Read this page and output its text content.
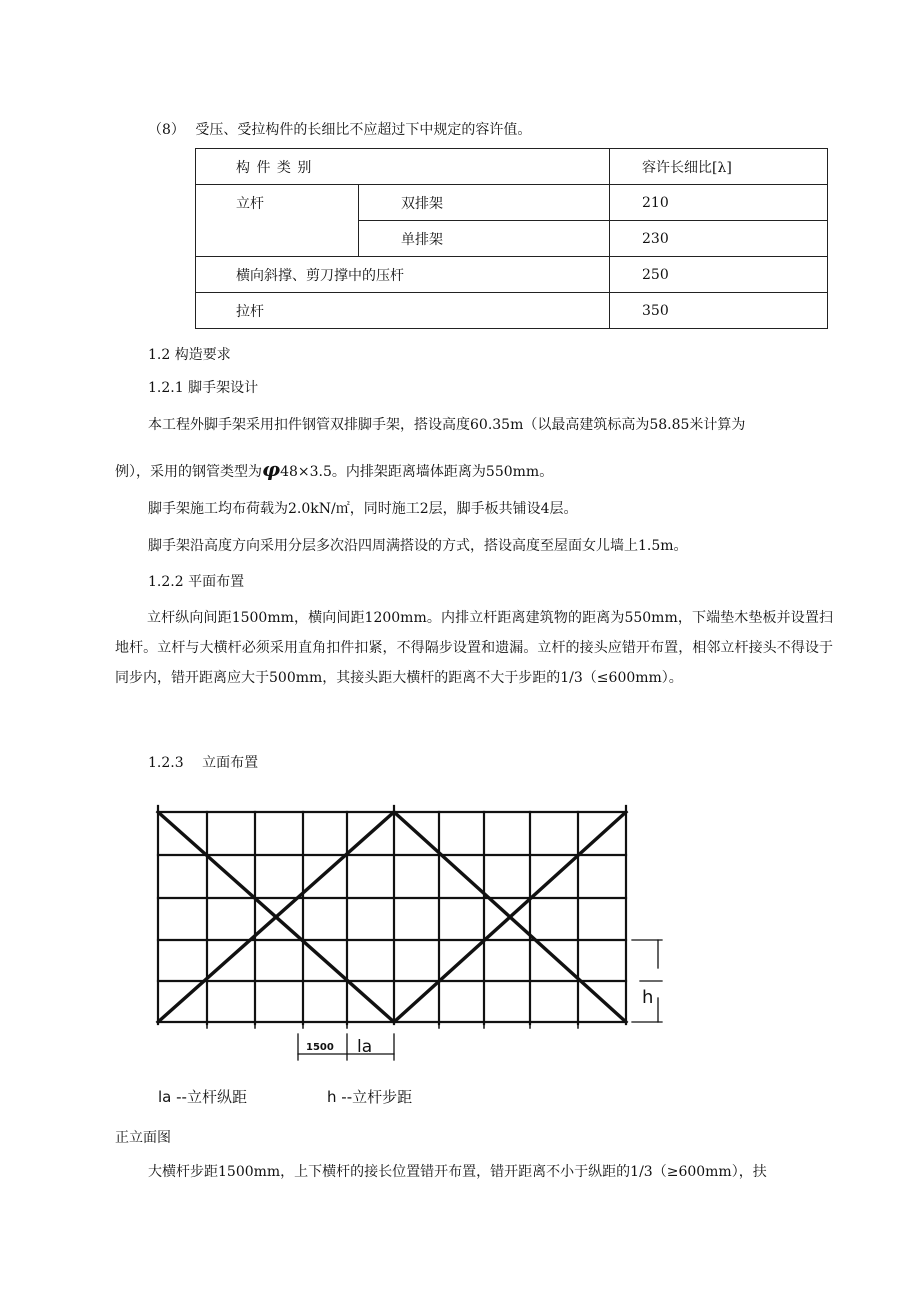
（8） 受压、受拉构件的长细比不应超过下中规定的容许值。
构 件 类 别		容许长细比[λ]
立杆	双排架	210
	单排架	230
横向斜撑、剪刀撑中的压杆		250
拉杆		350
1.2 构造要求
1.2.1 脚手架设计
本工程外脚手架采用扣件钢管双排脚手架，搭设高度60.35m（以最高建筑标高为58.85米计算为
例），采用的钢管类型为φ48×3.5。内排架距离墙体距离为550mm。
脚手架施工均布荷载为2.0kN/㎡，同时施工2层，脚手板共铺设4层。
脚手架沿高度方向采用分层多次沿四周满搭设的方式，搭设高度至屋面女儿墙上1.5m。
1.2.2 平面布置
立杆纵向间距1500mm，横向间距1200mm。内排立杆距离建筑物的距离为550mm，下端垫木垫板并设置扫地杆。立杆与大横杆必须采用直角扣件扣紧，不得隔步设置和遗漏。立杆的接头应错开布置，相邻立杆接头不得设于同步内，错开距离应大于500mm，其接头距大横杆的距离不大于步距的1/3（≤600mm）。
1.2.3　 立面布置
1500 la
h
la --立杆纵距	h --立杆步距
正立面图
大横杆步距1500mm，上下横杆的接长位置错开布置，错开距离不小于纵距的1/3（≥600mm），扶
